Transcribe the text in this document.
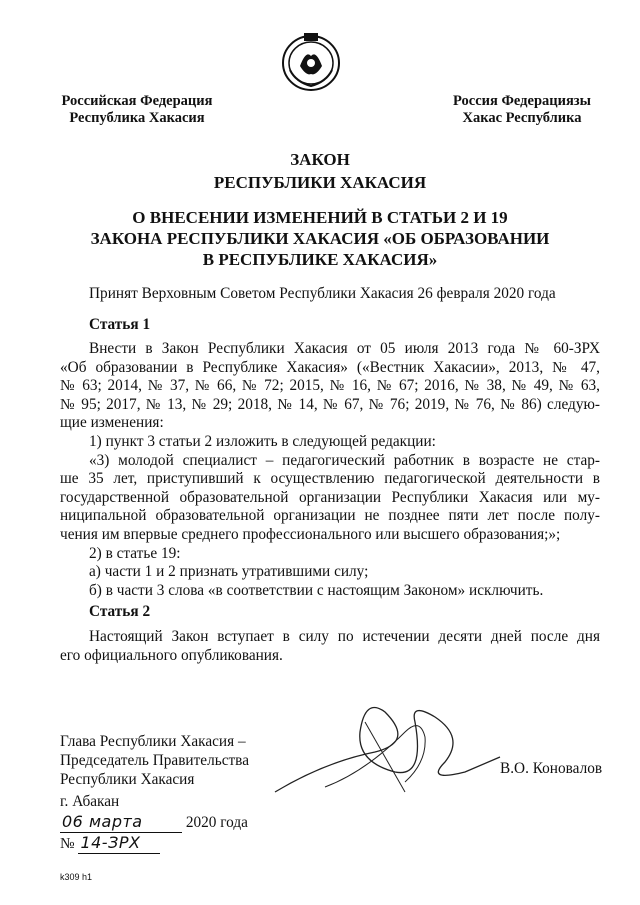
Российская Федерация
Республика Хакасия
Россия Федерациязы
Хакас Республика
ЗАКОН
РЕСПУБЛИКИ ХАКАСИЯ
О ВНЕСЕНИИ ИЗМЕНЕНИЙ В СТАТЬИ 2 И 19
ЗАКОНА РЕСПУБЛИКИ ХАКАСИЯ «ОБ ОБРАЗОВАНИИ
В РЕСПУБЛИКЕ ХАКАСИЯ»
Принят Верховным Советом Республики Хакасия 26 февраля 2020 года
Статья 1
Внести в Закон Республики Хакасия от 05 июля 2013 года № 60-ЗРХ
«Об образовании в Республике Хакасия» («Вестник Хакасии», 2013, № 47,
№ 63; 2014, № 37, № 66, № 72; 2015, № 16, № 67; 2016, № 38, № 49, № 63,
№ 95; 2017, № 13, № 29; 2018, № 14, № 67, № 76; 2019, № 76, № 86) следую-
щие изменения:
1) пункт 3 статьи 2 изложить в следующей редакции:
«3) молодой специалист – педагогический работник в возрасте не стар-
ше 35 лет, приступивший к осуществлению педагогической деятельности в
государственной образовательной организации Республики Хакасия или му-
ниципальной образовательной организации не позднее пяти лет после полу-
чения им впервые среднего профессионального или высшего образования;»;
2) в статье 19:
а) части 1 и 2 признать утратившими силу;
б) в части 3 слова «в соответствии с настоящим Законом» исключить.
Статья 2
Настоящий Закон вступает в силу по истечении десяти дней после дня
его официального опубликования.
Глава Республики Хакасия –
Председатель Правительства
Республики Хакасия
В.О. Коновалов
г. Абакан
06 марта	2020 года
№ 14-ЗРХ
k309 h1
